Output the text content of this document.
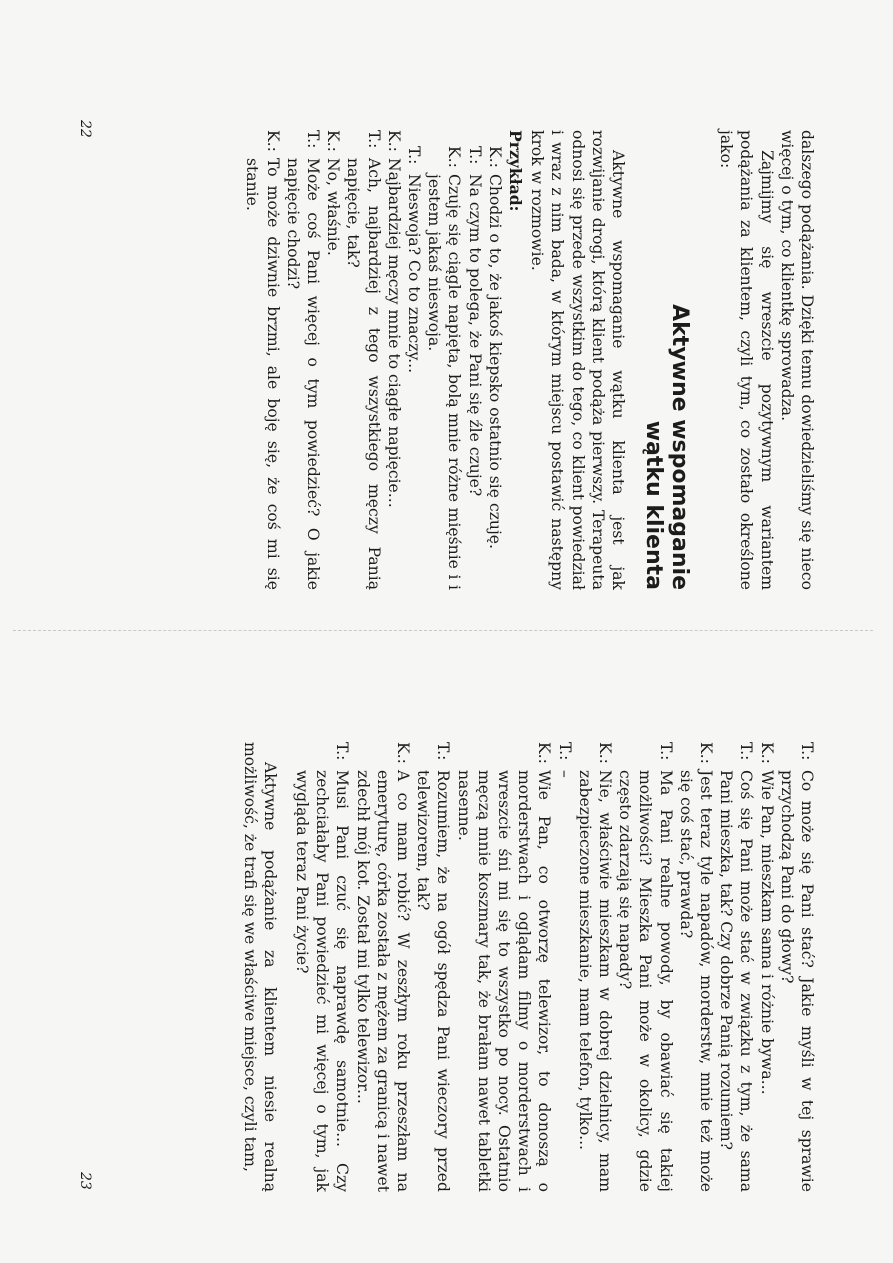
dalszego podążania. Dzięki temu dowiedzieliśmy się nieco więcej o tym, co klientkę sprowadza.

Zajmijmy się wreszcie pozytywnym wariantem podążania za klientem, czyli tym, co zostało określone jako:

Aktywne wspomaganie
wątku klienta

Aktywne wspomaganie wątku klienta jest jak rozwijanie drogi, którą klient podąża pierwszy. Terapeuta odnosi się przede wszystkim do tego, co klient powiedział i wraz z nim bada, w którym miejscu postawić następny krok w rozmowie.

Przykład:

K.:
Chodzi o to, że jakoś kiepsko ostatnio się czuję.
T.:
Na czym to polega, że Pani się źle czuje?
K.:
Czuję się ciągle napięta, bolą mnie różne mięśnie i i jestem jakaś nieswoja.
T.:
Nieswoja? Co to znaczy...
K.:
Najbardziej męczy mnie to ciągłe napięcie...
T.:
Ach, najbardziej z tego wszystkiego męczy Panią napięcie, tak?
K.:
No, właśnie.
T.:
Może coś Pani więcej o tym powiedzieć? O jakie napięcie chodzi?
K.:
To może dziwnie brzmi, ale boję się, że coś mi się stanie.
22
T.:
Co może się Pani stać? Jakie myśli w tej sprawie przychodzą Pani do głowy?
K.:
Wie Pan, mieszkam sama i różnie bywa...
T.:
Coś się Pani może stać w związku z tym, że sama Pani mieszka, tak? Czy dobrze Panią rozumiem?
K.:
Jest teraz tyle napadów, morderstw, mnie też może się coś stać, prawda?
T.:
Ma Pani realne powody, by obawiać się takiej możliwości? Mieszka Pani może w okolicy, gdzie często zdarzają się napady?
K.:
Nie, właściwie mieszkam w dobrej dzielnicy, mam zabezpieczone mieszkanie, mam telefon, tylko...
T.:
–
K.:
Wie Pan, co otworzę telewizor, to donoszą o morderstwach i oglądam filmy o morderstwach i wreszcie śni mi się to wszystko po nocy. Ostatnio męczą mnie koszmary tak, że brałam nawet tabletki nasenne.
T.:
Rozumiem, że na ogół spędza Pani wieczory przed telewizorem, tak?
K.:
A co mam robić? W zeszłym roku przeszłam na emeryturę, córka została z mężem za granicą i nawet zdechł mój kot. Został mi tylko telewizor...
T.:
Musi Pani czuć się naprawdę samotnie... Czy zechciałaby Pani powiedzieć mi więcej o tym, jak wygląda teraz Pani życie?

Aktywne podążanie za klientem niesie realną możliwość, że trafi się we właściwe miejsce, czyli tam,

23
